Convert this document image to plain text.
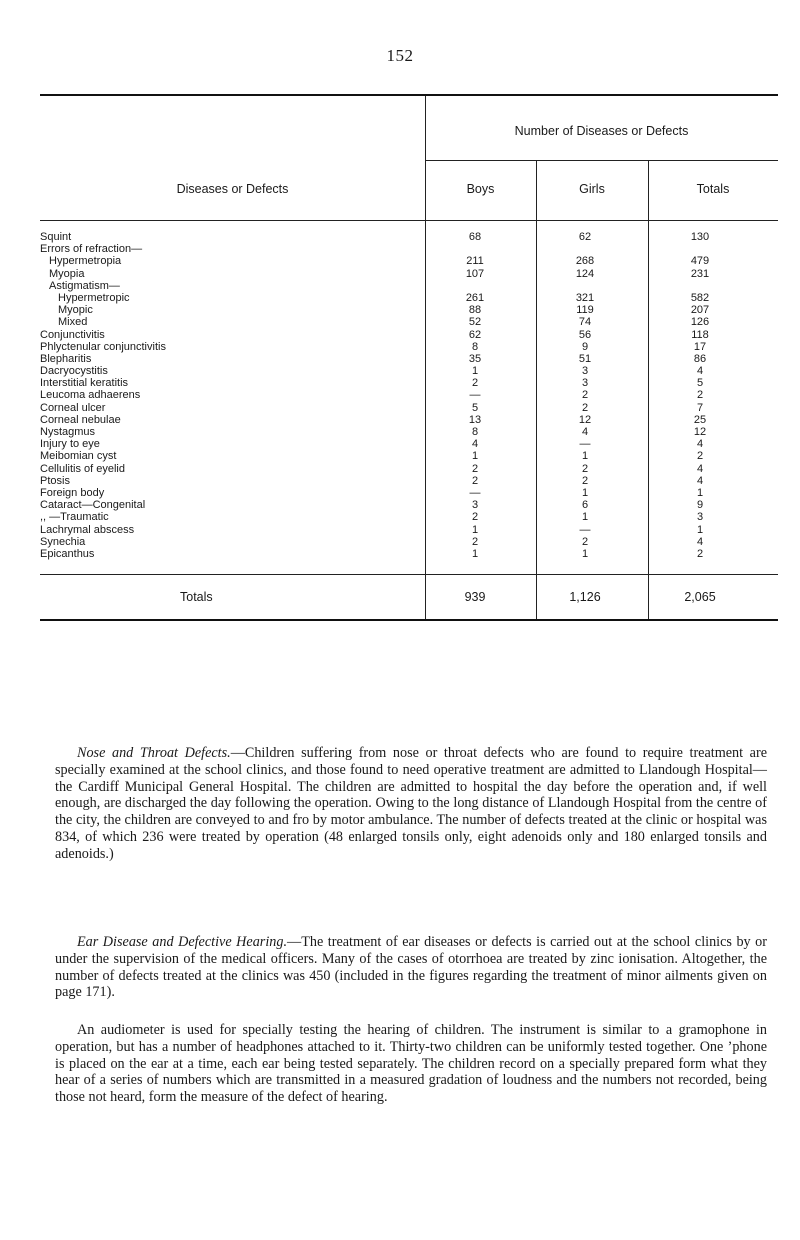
152
Number of Diseases or Defects
Diseases or Defects	Boys	Girls	Totals
Squint	68	62	130
Errors of refraction—
Hypermetropia	211	268	479
Myopia	107	124	231
Astigmatism—
Hypermetropic	261	321	582
Myopic	88	119	207
Mixed	52	74	126
Conjunctivitis	62	56	118
Phlyctenular conjunctivitis	8	9	17
Blepharitis	35	51	86
Dacryocystitis	1	3	4
Interstitial keratitis	2	3	5
Leucoma adhaerens	—	2	2
Corneal ulcer	5	2	7
Corneal nebulae	13	12	25
Nystagmus	8	4	12
Injury to eye	4	—	4
Meibomian cyst	1	1	2
Cellulitis of eyelid	2	2	4
Ptosis	2	2	4
Foreign body	—	1	1
Cataract—Congenital	3	6	9
,, —Traumatic	2	1	3
Lachrymal abscess	1	—	1
Synechia	2	2	4
Epicanthus	1	1	2
Totals	939	1,126	2,065
Nose and Throat Defects.—Children suffering from nose or throat defects who are found to require treatment are specially examined at the school clinics, and those found to need operative treatment are admitted to Llandough Hospital—the Cardiff Municipal General Hospital. The children are admitted to hospital the day before the operation and, if well enough, are discharged the day following the operation. Owing to the long distance of Llandough Hospital from the centre of the city, the children are conveyed to and fro by motor ambulance. The number of defects treated at the clinic or hospital was 834, of which 236 were treated by operation (48 enlarged tonsils only, eight adenoids only and 180 enlarged tonsils and adenoids.)
Ear Disease and Defective Hearing.—The treatment of ear diseases or defects is carried out at the school clinics by or under the supervision of the medical officers. Many of the cases of otorrhoea are treated by zinc ionisation. Altogether, the number of defects treated at the clinics was 450 (included in the figures regarding the treatment of minor ailments given on page 171).
An audiometer is used for specially testing the hearing of children. The instrument is similar to a gramophone in operation, but has a number of headphones attached to it. Thirty-two children can be uniformly tested together. One ’phone is placed on the ear at a time, each ear being tested separately. The children record on a specially prepared form what they hear of a series of numbers which are transmitted in a measured gradation of loudness and the numbers not recorded, being those not heard, form the measure of the defect of hearing.
